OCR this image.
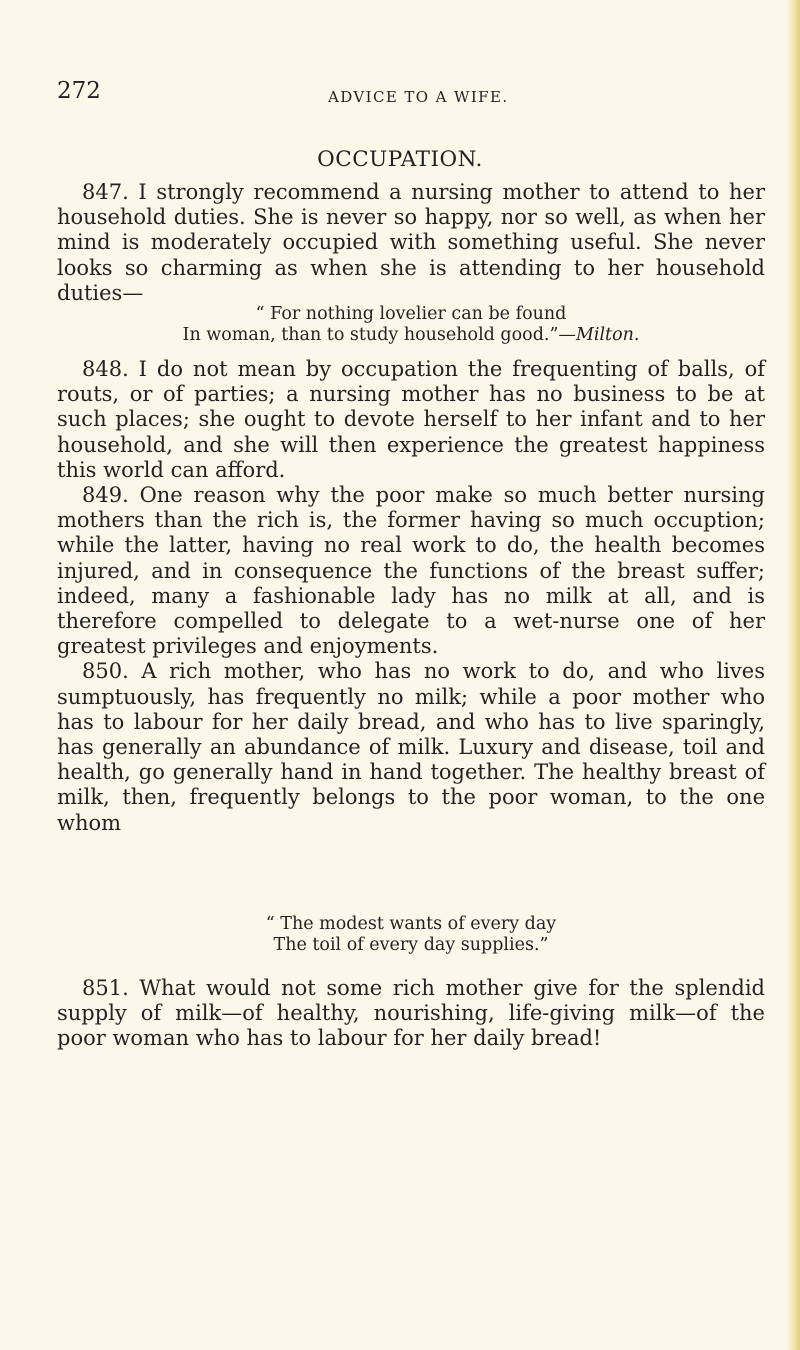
272	ADVICE TO A WIFE.
OCCUPATION.

847. I strongly recommend a nursing mother to attend to her household duties. She is never so happy, nor so well, as when her mind is moderately occupied with something useful. She never looks so charming as when she is attending to her household duties—

“ For nothing lovelier can be found
In woman, than to study household good.”—Milton.

848. I do not mean by occupation the frequenting of balls, of routs, or of parties; a nursing mother has no business to be at such places; she ought to devote herself to her infant and to her household, and she will then experience the greatest happiness this world can afford.

849. One reason why the poor make so much better nursing mothers than the rich is, the former having so much occuption; while the latter, having no real work to do, the health becomes injured, and in consequence the functions of the breast suffer; indeed, many a fashionable lady has no milk at all, and is therefore compelled to delegate to a wet-nurse one of her greatest privileges and enjoyments.

850. A rich mother, who has no work to do, and who lives sumptuously, has frequently no milk; while a poor mother who has to labour for her daily bread, and who has to live sparingly, has generally an abundance of milk. Luxury and disease, toil and health, go generally hand in hand together. The healthy breast of milk, then, frequently belongs to the poor woman, to the one whom

“ The modest wants of every day
The toil of every day supplies.”

851. What would not some rich mother give for the splendid supply of milk—of healthy, nourishing, life-giving milk—of the poor woman who has to labour for her daily bread!
